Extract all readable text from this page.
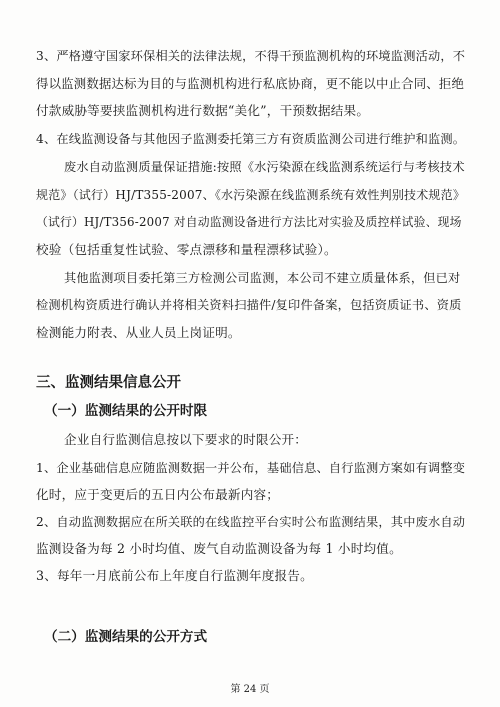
3、严格遵守国家环保相关的法律法规，不得干预监测机构的环境监测活动，不
得以监测数据达标为目的与监测机构进行私底协商，更不能以中止合同、拒绝
付款威胁等要挟监测机构进行数据“美化”，干预数据结果。
4、在线监测设备与其他因子监测委托第三方有资质监测公司进行维护和监测。
废水自动监测质量保证措施:按照《水污染源在线监测系统运行与考核技术
规范》（试行）HJ/T355-2007、《水污染源在线监测系统有效性判别技术规范》
（试行）HJ/T356-2007 对自动监测设备进行方法比对实验及质控样试验、现场
校验（包括重复性试验、零点漂移和量程漂移试验）。
其他监测项目委托第三方检测公司监测，本公司不建立质量体系，但已对
检测机构资质进行确认并将相关资料扫描件/复印件备案，包括资质证书、资质
检测能力附表、从业人员上岗证明。
三、监测结果信息公开
（一）监测结果的公开时限
企业自行监测信息按以下要求的时限公开：
1、企业基础信息应随监测数据一并公布，基础信息、自行监测方案如有调整变
化时，应于变更后的五日内公布最新内容；
2、自动监测数据应在所关联的在线监控平台实时公布监测结果，其中废水自动
监测设备为每 2 小时均值、废气自动监测设备为每 1 小时均值。
3、每年一月底前公布上年度自行监测年度报告。
（二）监测结果的公开方式
第 24 页
